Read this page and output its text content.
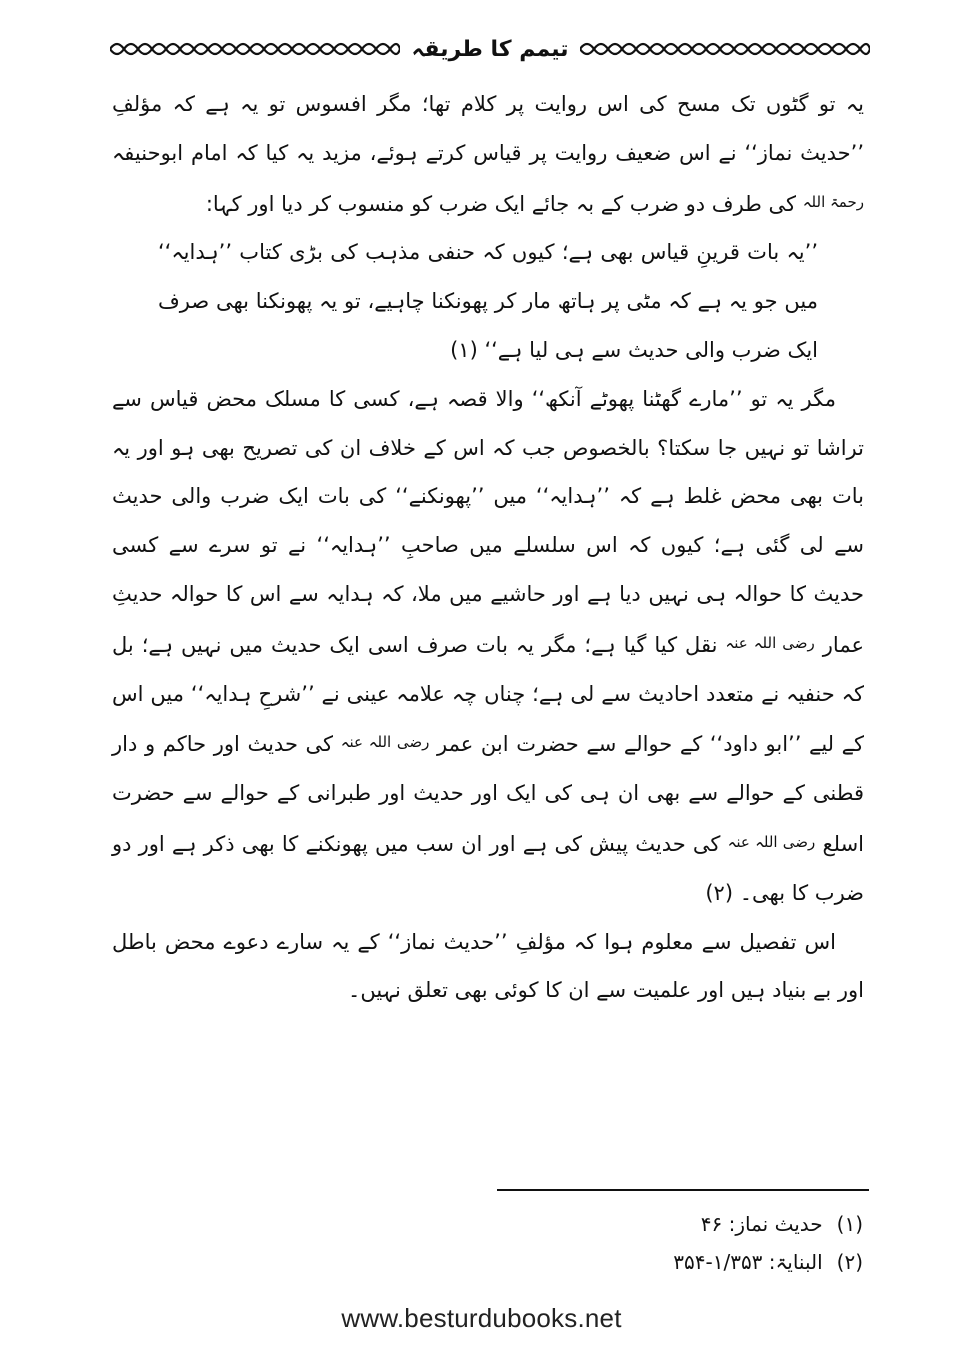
تیمم کا طریقہ

یہ تو گٹوں تک مسح کی اس روایت پر کلام تھا؛ مگر افسوس تو یہ ہے کہ مؤلفِ ’’حدیث نماز‘‘ نے اس ضعیف روایت پر قیاس کرتے ہوئے، مزید یہ کیا کہ امام ابوحنیفہ رحمۃ اللہ کی طرف دو ضرب کے بہ جائے ایک ضرب کو منسوب کر دیا اور کہا:

’’یہ بات قرینِ قیاس بھی ہے؛ کیوں کہ حنفی مذہب کی بڑی کتاب ’’ہدایہ‘‘ میں جو یہ ہے کہ مٹی پر ہاتھ مار کر پھونکنا چاہیے، تو یہ پھونکنا بھی صرف ایک ضرب والی حدیث سے ہی لیا ہے‘‘ (۱)

مگر یہ تو ’’مارے گھٹنا پھوٹے آنکھ‘‘ والا قصہ ہے، کسی کا مسلک محض قیاس سے تراشا تو نہیں جا سکتا؟ بالخصوص جب کہ اس کے خلاف ان کی تصریح بھی ہو اور یہ بات بھی محض غلط ہے کہ ’’ہدایہ‘‘ میں ’’پھونکنے‘‘ کی بات ایک ضرب والی حدیث سے لی گئی ہے؛ کیوں کہ اس سلسلے میں صاحبِ ’’ہدایہ‘‘ نے تو سرے سے کسی حدیث کا حوالہ ہی نہیں دیا ہے اور حاشیے میں ملا، کہ ہدایہ سے اس کا حوالہ حدیثِ عمار رضی اللہ عنہ نقل کیا گیا ہے؛ مگر یہ بات صرف اسی ایک حدیث میں نہیں ہے؛ بل کہ حنفیہ نے متعدد احادیث سے لی ہے؛ چناں چہ علامہ عینی نے ’’شرحِ ہدایہ‘‘ میں اس کے لیے ’’ابو داود‘‘ کے حوالے سے حضرت ابن عمر رضی اللہ عنہ کی حدیث اور حاکم و دار قطنی کے حوالے سے بھی ان ہی کی ایک اور حدیث اور طبرانی کے حوالے سے حضرت اسلع رضی اللہ عنہ کی حدیث پیش کی ہے اور ان سب میں پھونکنے کا بھی ذکر ہے اور دو ضرب کا بھی۔ (۲)

اس تفصیل سے معلوم ہوا کہ مؤلفِ ’’حدیث نماز‘‘ کے یہ سارے دعوے محض باطل اور بے بنیاد ہیں اور علمیت سے ان کا کوئی بھی تعلق نہیں۔

(۱) حدیث نماز: ۴۶

(۲) البنایۃ: ۱/۳۵۳-۳۵۴

www.besturdubooks.net
